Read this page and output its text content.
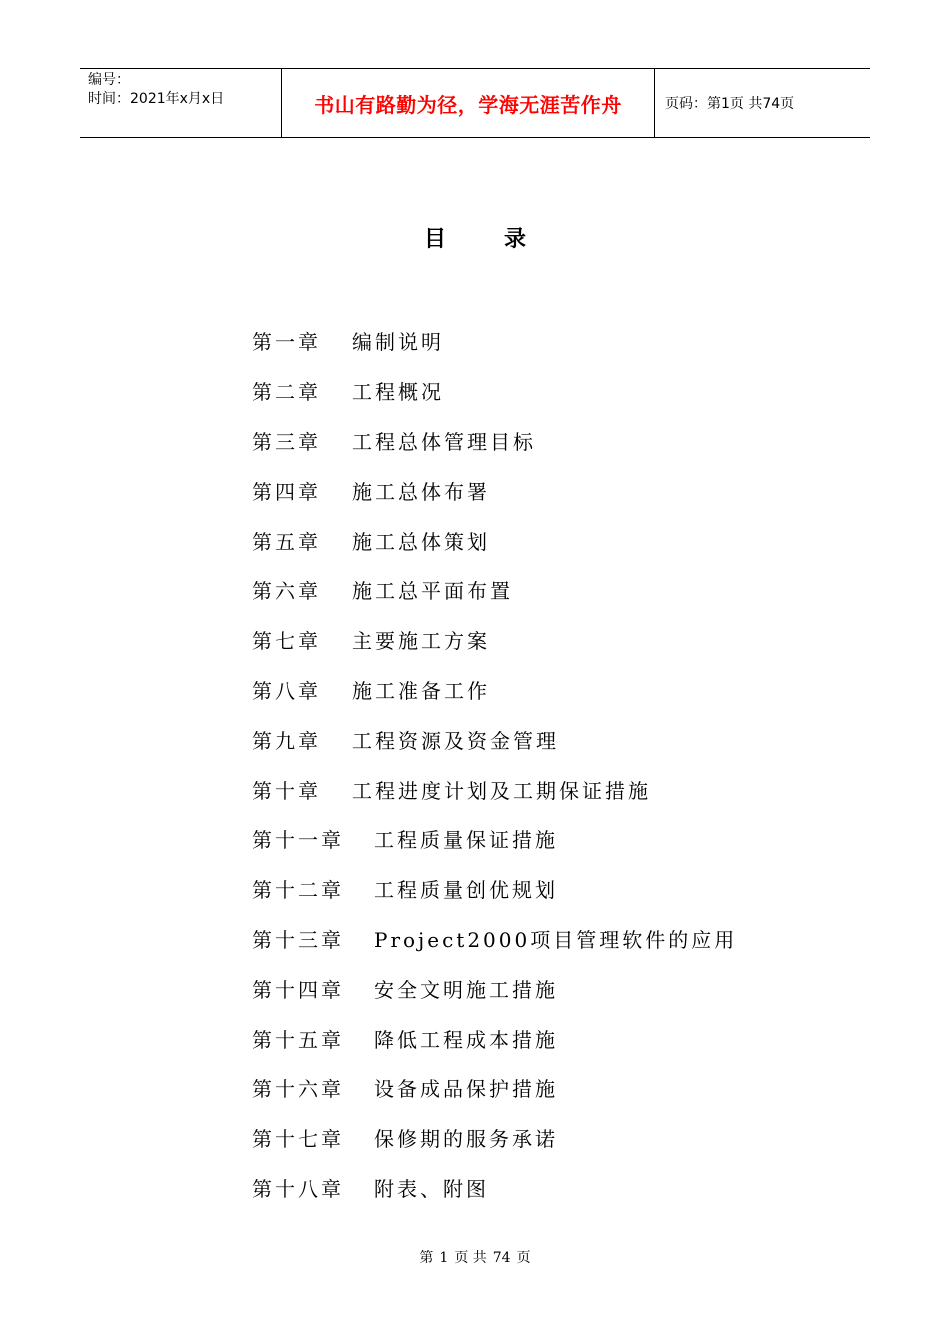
编号：
时间：2021年x月x日	书山有路勤为径，学海无涯苦作舟	页码：第1页 共74页
目录
第一章	编制说明
第二章	工程概况
第三章	工程总体管理目标
第四章	施工总体布署
第五章	施工总体策划
第六章	施工总平面布置
第七章	主要施工方案
第八章	施工准备工作
第九章	工程资源及资金管理
第十章	工程进度计划及工期保证措施
第十一章	工程质量保证措施
第十二章	工程质量创优规划
第十三章	Project2000项目管理软件的应用
第十四章	安全文明施工措施
第十五章	降低工程成本措施
第十六章	设备成品保护措施
第十七章	保修期的服务承诺
第十八章	附表、附图
第 1 页 共 74 页
